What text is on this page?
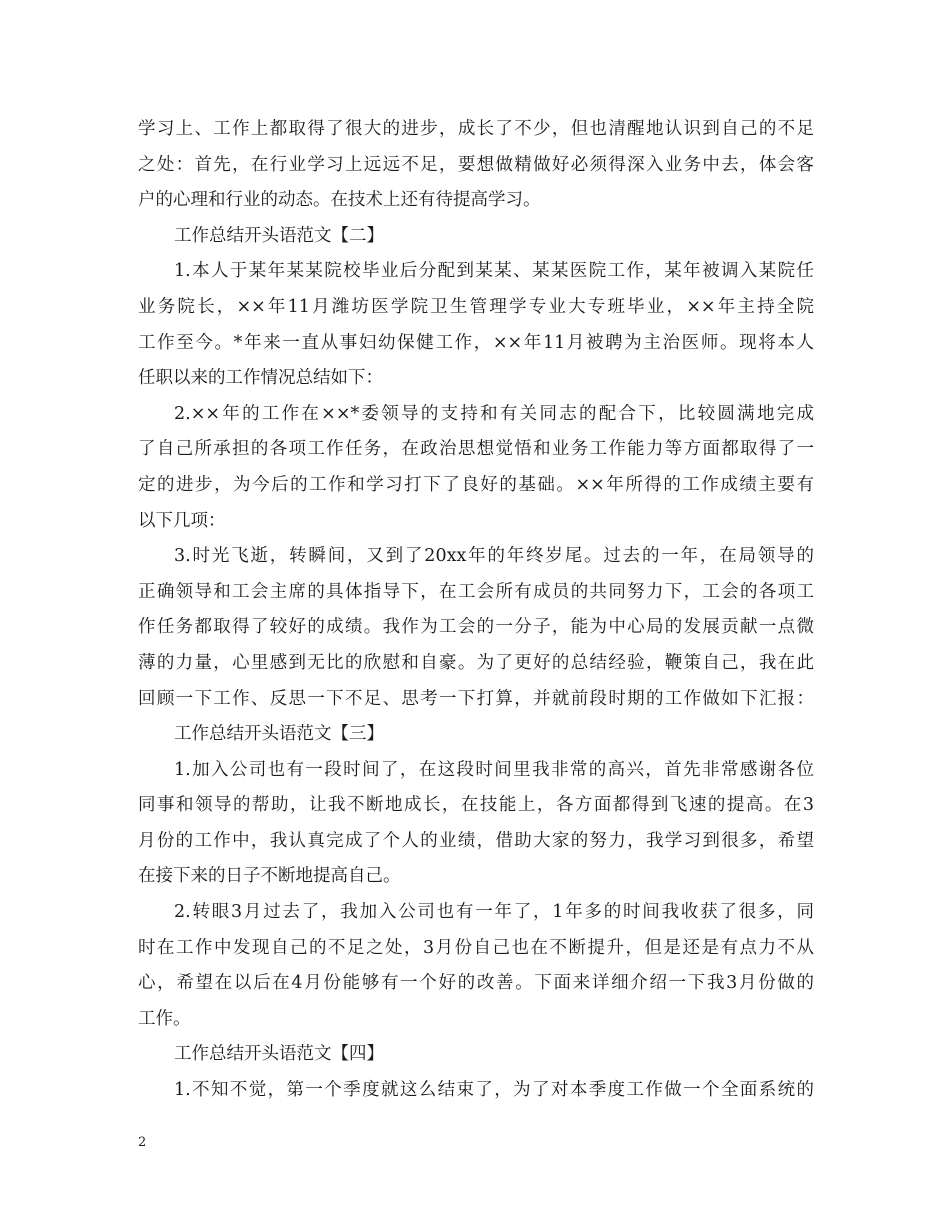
学习上、工作上都取得了很大的进步，成长了不少，但也清醒地认识到自己的不足
之处：首先，在行业学习上远远不足，要想做精做好必须得深入业务中去，体会客
户的心理和行业的动态。在技术上还有待提高学习。
工作总结开头语范文【二】
1.本人于某年某某院校毕业后分配到某某、某某医院工作，某年被调入某院任
业务院长，××年11月潍坊医学院卫生管理学专业大专班毕业，××年主持全院
工作至今。*年来一直从事妇幼保健工作，××年11月被聘为主治医师。现将本人
任职以来的工作情况总结如下：
2.××年的工作在××*委领导的支持和有关同志的配合下，比较圆满地完成
了自己所承担的各项工作任务，在政治思想觉悟和业务工作能力等方面都取得了一
定的进步，为今后的工作和学习打下了良好的基础。××年所得的工作成绩主要有
以下几项：
3.时光飞逝，转瞬间，又到了20xx年的年终岁尾。过去的一年，在局领导的
正确领导和工会主席的具体指导下，在工会所有成员的共同努力下，工会的各项工
作任务都取得了较好的成绩。我作为工会的一分子，能为中心局的发展贡献一点微
薄的力量，心里感到无比的欣慰和自豪。为了更好的总结经验，鞭策自己，我在此
回顾一下工作、反思一下不足、思考一下打算，并就前段时期的工作做如下汇报：
工作总结开头语范文【三】
1.加入公司也有一段时间了，在这段时间里我非常的高兴，首先非常感谢各位
同事和领导的帮助，让我不断地成长，在技能上，各方面都得到飞速的提高。在3
月份的工作中，我认真完成了个人的业绩，借助大家的努力，我学习到很多，希望
在接下来的日子不断地提高自己。
2.转眼3月过去了，我加入公司也有一年了，1年多的时间我收获了很多，同
时在工作中发现自己的不足之处，3月份自己也在不断提升，但是还是有点力不从
心，希望在以后在4月份能够有一个好的改善。下面来详细介绍一下我3月份做的
工作。
工作总结开头语范文【四】
1.不知不觉，第一个季度就这么结束了，为了对本季度工作做一个全面系统的
2
